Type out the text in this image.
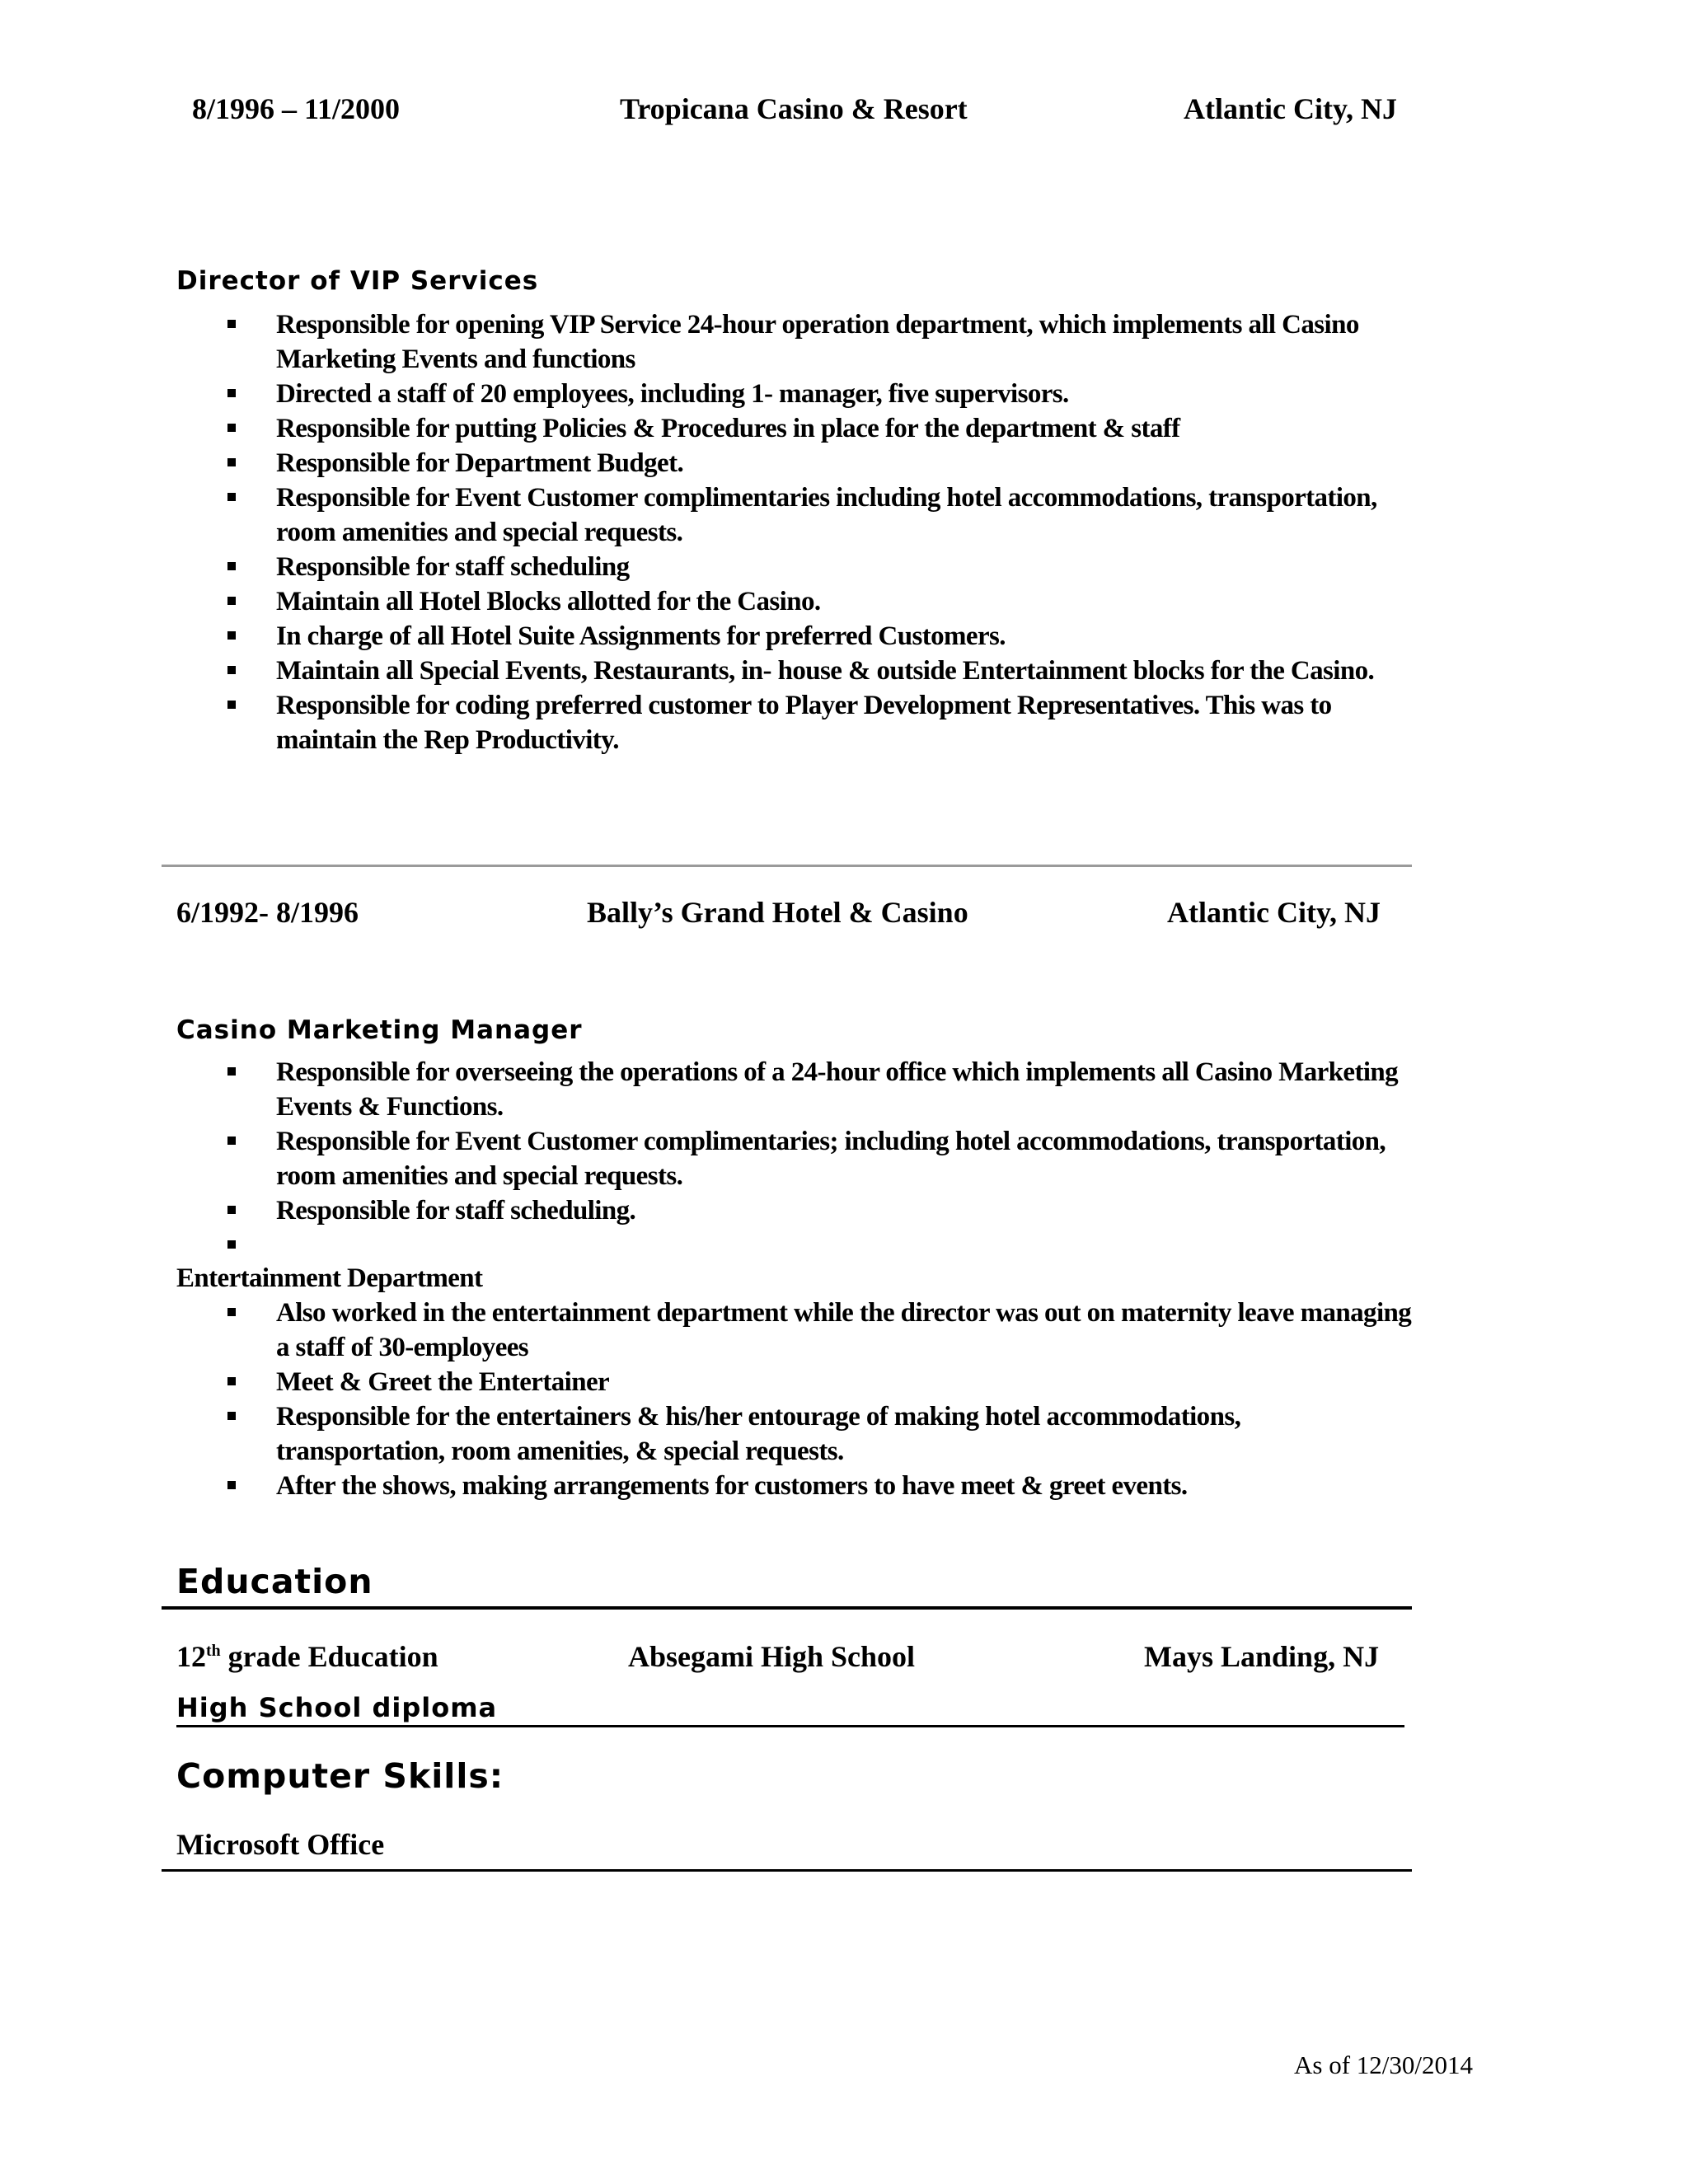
8/1996 – 11/2000	Tropicana Casino & Resort	Atlantic City, NJ
Director of VIP Services
Responsible for opening VIP Service 24-hour operation department, which implements all Casino Marketing Events and functions
Directed a staff of 20 employees, including 1- manager, five supervisors.
Responsible for putting Policies & Procedures in place for the department & staff
Responsible for Department Budget.
Responsible for Event Customer complimentaries including hotel accommodations, transportation, room amenities and special requests.
Responsible for staff scheduling
Maintain all Hotel Blocks allotted for the Casino.
In charge of all Hotel Suite Assignments for preferred Customers.
Maintain all Special Events, Restaurants, in- house & outside Entertainment blocks for the Casino.
Responsible for coding preferred customer to Player Development Representatives. This was to maintain the Rep Productivity.
6/1992- 8/1996	Bally’s Grand Hotel & Casino	Atlantic City, NJ
Casino Marketing Manager
Responsible for overseeing the operations of a 24-hour office which implements all Casino Marketing Events & Functions.
Responsible for Event Customer complimentaries; including hotel accommodations, transportation, room amenities and special requests.
Responsible for staff scheduling.
Entertainment Department
Also worked in the entertainment department while the director was out on maternity leave managing a staff of 30-employees
Meet & Greet the Entertainer
Responsible for the entertainers & his/her entourage of making hotel accommodations, transportation, room amenities, & special requests.
After the shows, making arrangements for customers to have meet & greet events.
Education
12th grade Education	Absegami High School	Mays Landing, NJ
High School diploma
Computer Skills:
Microsoft Office
As of 12/30/2014
